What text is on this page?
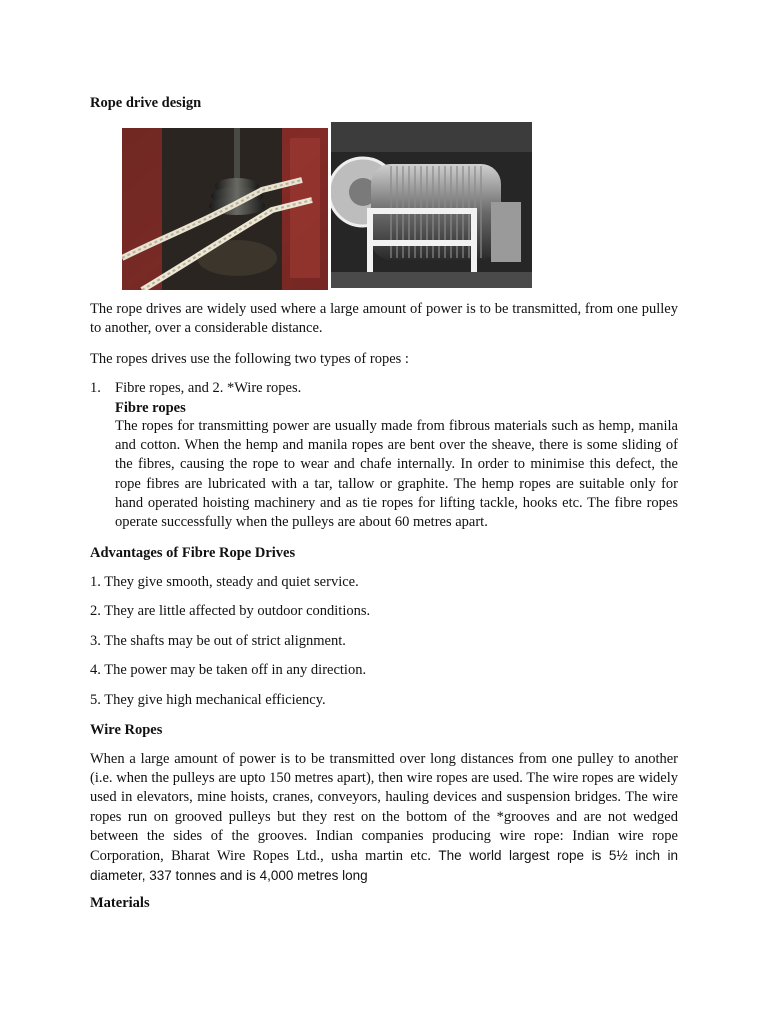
Rope drive design
The rope drives are widely used where a large amount of power is to be transmitted, from one pulley to another, over a considerable distance.
The ropes drives use the following two types of ropes :
1. Fibre ropes, and 2. *Wire ropes.
Fibre ropes
The ropes for transmitting power are usually made from fibrous materials such as hemp, manila and cotton. When the hemp and manila ropes are bent over the sheave, there is some sliding of the fibres, causing the rope to wear and chafe internally. In order to minimise this defect, the rope fibres are lubricated with a tar, tallow or graphite. The hemp ropes are suitable only for hand operated hoisting machinery and as tie ropes for lifting tackle, hooks etc. The fibre ropes operate successfully when the pulleys are about 60 metres apart.
Advantages of Fibre Rope Drives
1. They give smooth, steady and quiet service.
2. They are little affected by outdoor conditions.
3. The shafts may be out of strict alignment.
4. The power may be taken off in any direction.
5. They give high mechanical efficiency.
Wire Ropes
When a large amount of power is to be transmitted over long distances from one pulley to another (i.e. when the pulleys are upto 150 metres apart), then wire ropes are used. The wire ropes are widely used in elevators, mine hoists, cranes, conveyors, hauling devices and suspension bridges. The wire ropes run on grooved pulleys but they rest on the bottom of the *grooves and are not wedged between the sides of the grooves. Indian companies producing wire rope: Indian wire rope Corporation, Bharat Wire Ropes Ltd., usha martin etc. The world largest rope is 5½ inch in diameter, 337 tonnes and is 4,000 metres long
Materials
